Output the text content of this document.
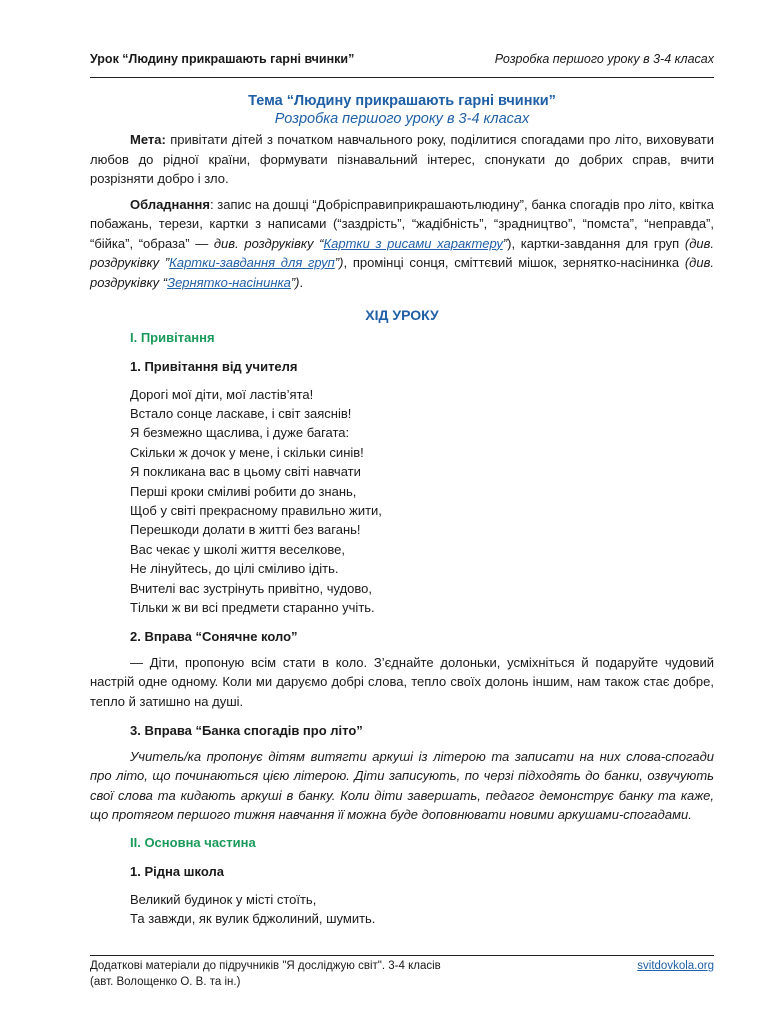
Урок “Людину прикрашають гарні вчинки”	Розробка першого уроку в 3-4 класах
Тема “Людину прикрашають гарні вчинки”
Розробка першого уроку в 3-4 класах

Мета: привітати дітей з початком навчального року, поділитися спогадами про літо, виховувати любов до рідної країни, формувати пізнавальний інтерес, спонукати до добрих справ, вчити розрізняти добро і зло.

Обладнання: запис на дошці “Добрісправиприкрашаютьлюдину”, банка спогадів про літо, квітка побажань, терези, картки з написами (“заздрість”, “жадібність”, “зрадництво”, “помста”, “неправда”, “бійка”, “образа” — див. роздруківку “Картки з рисами характеру”), картки-завдання для груп (див. роздруківку ”Картки-завдання для груп”), промінці сонця, сміттєвий мішок, зернятко-насінинка (див. роздруківку “Зернятко-насінинка”).

ХІД УРОКУ
І. Привітання
1. Привітання від учителя
Дорогі мої діти, мої ластів’ята!
Встало сонце ласкаве, і світ заяснів!
Я безмежно щаслива, і дуже багата:
Скільки ж дочок у мене, і скільки синів!
Я покликана вас в цьому світі навчати
Перші кроки сміливі робити до знань,
Щоб у світі прекрасному правильно жити,
Перешкоди долати в житті без вагань!
Вас чекає у школі життя веселкове,
Не лінуйтесь, до цілі сміливо ідіть.
Вчителі вас зустрінуть привітно, чудово,
Тільки ж ви всі предмети старанно учіть.
2. Вправа “Сонячне коло”

— Діти, пропоную всім стати в коло. З’єднайте долоньки, усміхніться й подаруйте чудовий настрій одне одному. Коли ми даруємо добрі слова, тепло своїх долонь іншим, нам також стає добре, тепло й затишно на душі.

3. Вправа “Банка спогадів про літо”

Учитель/ка пропонує дітям витягти аркуші із літерою та записати на них слова-спогади про літо, що починаються цією літерою. Діти записують, по черзі підходять до банки, озвучують свої слова та кидають аркуші в банку. Коли діти завершать, педагог демонструє банку та каже, що протягом першого тижня навчання її можна буде доповнювати новими аркушами-спогадами.

ІІ. Основна частина
1. Рідна школа
Великий будинок у місті стоїть,
Та завжди, як вулик бджолиний, шумить.
Додаткові матеріали до підручників "Я досліджую світ". 3-4 класів
(авт. Волощенко О. В. та ін.)
svitdovkola.org
